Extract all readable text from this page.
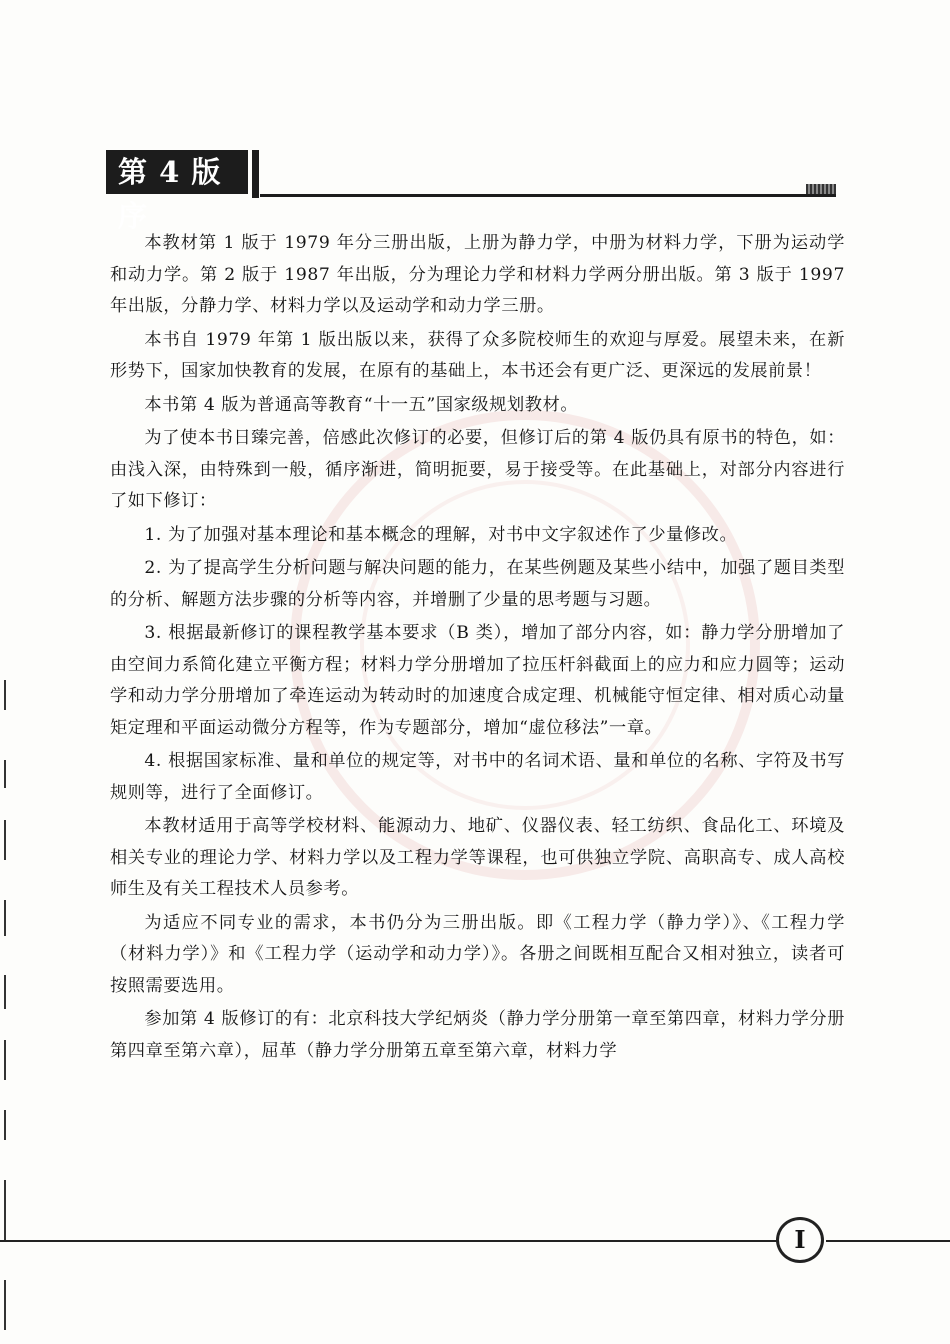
第 4 版序

本教材第 1 版于 1979 年分三册出版，上册为静力学，中册为材料力学，下册为运动学和动力学。第 2 版于 1987 年出版，分为理论力学和材料力学两分册出版。第 3 版于 1997 年出版，分静力学、材料力学以及运动学和动力学三册。

本书自 1979 年第 1 版出版以来，获得了众多院校师生的欢迎与厚爱。展望未来，在新形势下，国家加快教育的发展，在原有的基础上，本书还会有更广泛、更深远的发展前景！

本书第 4 版为普通高等教育“十一五”国家级规划教材。

为了使本书日臻完善，倍感此次修订的必要，但修订后的第 4 版仍具有原书的特色，如：由浅入深，由特殊到一般，循序渐进，简明扼要，易于接受等。在此基础上，对部分内容进行了如下修订：

1. 为了加强对基本理论和基本概念的理解，对书中文字叙述作了少量修改。

2. 为了提高学生分析问题与解决问题的能力，在某些例题及某些小结中，加强了题目类型的分析、解题方法步骤的分析等内容，并增删了少量的思考题与习题。

3. 根据最新修订的课程教学基本要求（B 类），增加了部分内容，如：静力学分册增加了由空间力系简化建立平衡方程；材料力学分册增加了拉压杆斜截面上的应力和应力圆等；运动学和动力学分册增加了牵连运动为转动时的加速度合成定理、机械能守恒定律、相对质心动量矩定理和平面运动微分方程等，作为专题部分，增加“虚位移法”一章。

4. 根据国家标准、量和单位的规定等，对书中的名词术语、量和单位的名称、字符及书写规则等，进行了全面修订。

本教材适用于高等学校材料、能源动力、地矿、仪器仪表、轻工纺织、食品化工、环境及相关专业的理论力学、材料力学以及工程力学等课程，也可供独立学院、高职高专、成人高校师生及有关工程技术人员参考。

为适应不同专业的需求，本书仍分为三册出版。即《工程力学（静力学）》、《工程力学（材料力学）》和《工程力学（运动学和动力学）》。各册之间既相互配合又相对独立，读者可按照需要选用。

参加第 4 版修订的有：北京科技大学纪炳炎（静力学分册第一章至第四章，材料力学分册第四章至第六章），屈革（静力学分册第五章至第六章，材料力学

I
